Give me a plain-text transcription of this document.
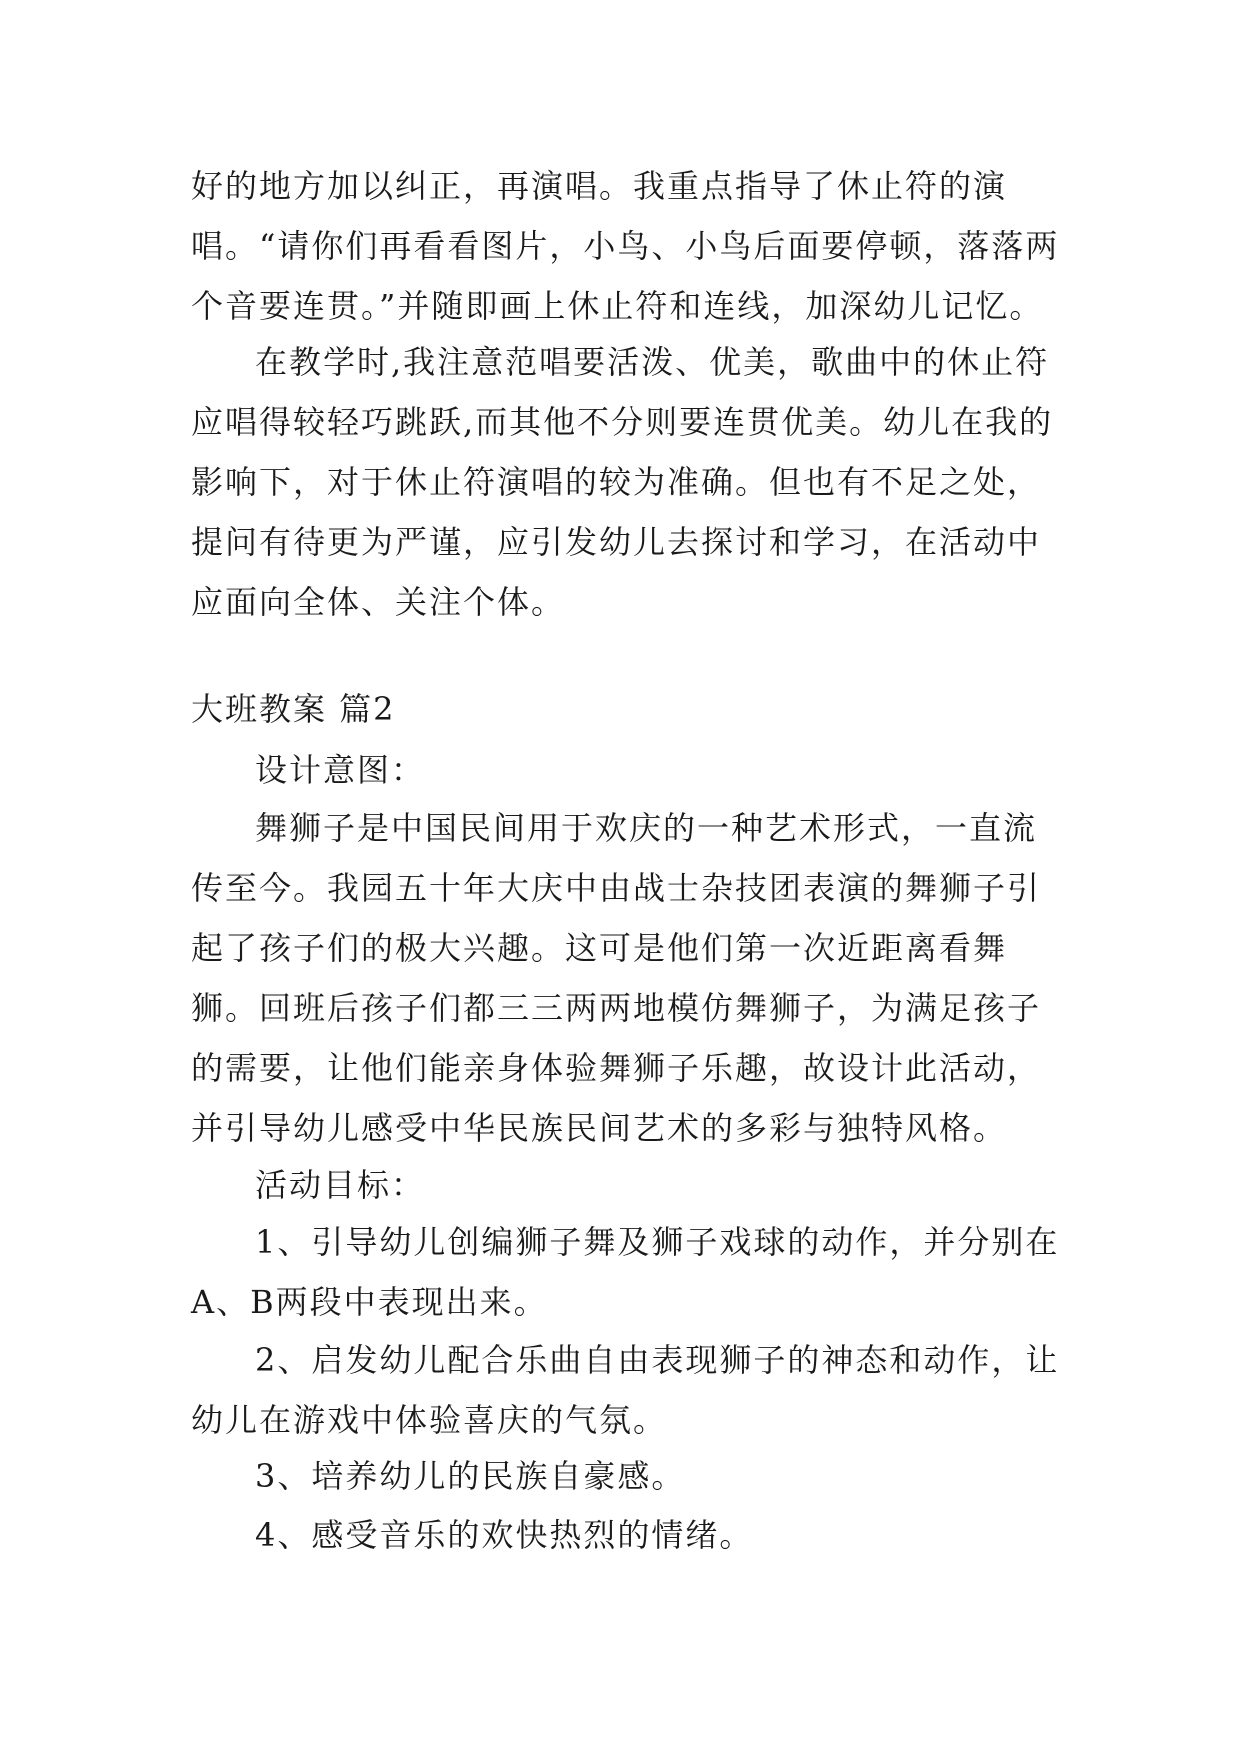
好的地方加以纠正，再演唱。我重点指导了休止符的演唱。“请你们再看看图片，小鸟、小鸟后面要停顿，落落两个音要连贯。”并随即画上休止符和连线，加深幼儿记忆。

在教学时,我注意范唱要活泼、优美，歌曲中的休止符应唱得较轻巧跳跃,而其他不分则要连贯优美。幼儿在我的影响下，对于休止符演唱的较为准确。但也有不足之处，提问有待更为严谨，应引发幼儿去探讨和学习，在活动中应面向全体、关注个体。

大班教案 篇2

设计意图：

舞狮子是中国民间用于欢庆的一种艺术形式，一直流传至今。我园五十年大庆中由战士杂技团表演的舞狮子引起了孩子们的极大兴趣。这可是他们第一次近距离看舞狮。回班后孩子们都三三两两地模仿舞狮子，为满足孩子的需要，让他们能亲身体验舞狮子乐趣，故设计此活动，并引导幼儿感受中华民族民间艺术的多彩与独特风格。

活动目标：

1、引导幼儿创编狮子舞及狮子戏球的动作，并分别在A、B两段中表现出来。

2、启发幼儿配合乐曲自由表现狮子的神态和动作，让幼儿在游戏中体验喜庆的气氛。

3、培养幼儿的民族自豪感。

4、感受音乐的欢快热烈的情绪。
